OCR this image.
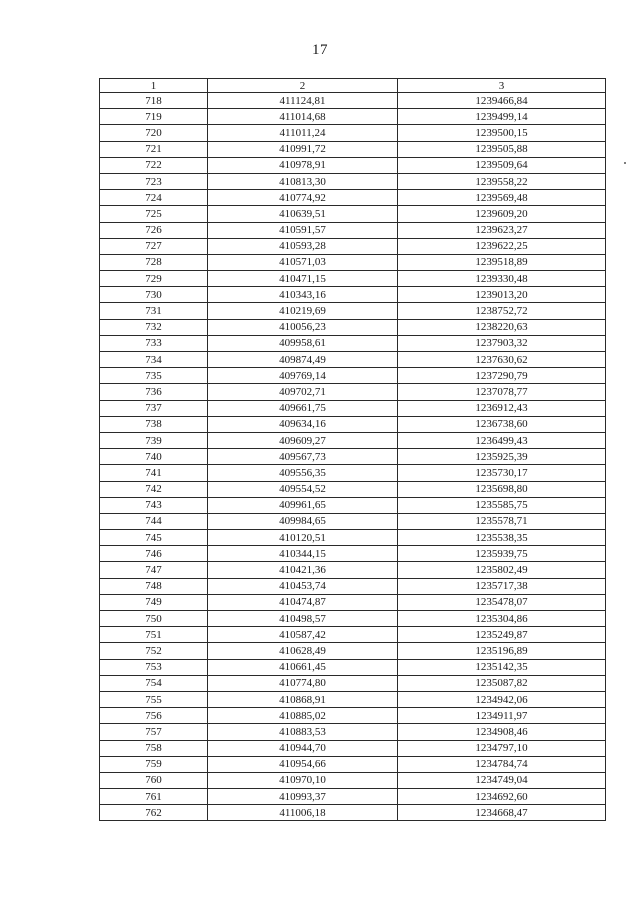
17
1	2	3
718	411124,81	1239466,84
719	411014,68	1239499,14
720	411011,24	1239500,15
721	410991,72	1239505,88
722	410978,91	1239509,64
723	410813,30	1239558,22
724	410774,92	1239569,48
725	410639,51	1239609,20
726	410591,57	1239623,27
727	410593,28	1239622,25
728	410571,03	1239518,89
729	410471,15	1239330,48
730	410343,16	1239013,20
731	410219,69	1238752,72
732	410056,23	1238220,63
733	409958,61	1237903,32
734	409874,49	1237630,62
735	409769,14	1237290,79
736	409702,71	1237078,77
737	409661,75	1236912,43
738	409634,16	1236738,60
739	409609,27	1236499,43
740	409567,73	1235925,39
741	409556,35	1235730,17
742	409554,52	1235698,80
743	409961,65	1235585,75
744	409984,65	1235578,71
745	410120,51	1235538,35
746	410344,15	1235939,75
747	410421,36	1235802,49
748	410453,74	1235717,38
749	410474,87	1235478,07
750	410498,57	1235304,86
751	410587,42	1235249,87
752	410628,49	1235196,89
753	410661,45	1235142,35
754	410774,80	1235087,82
755	410868,91	1234942,06
756	410885,02	1234911,97
757	410883,53	1234908,46
758	410944,70	1234797,10
759	410954,66	1234784,74
760	410970,10	1234749,04
761	410993,37	1234692,60
762	411006,18	1234668,47
